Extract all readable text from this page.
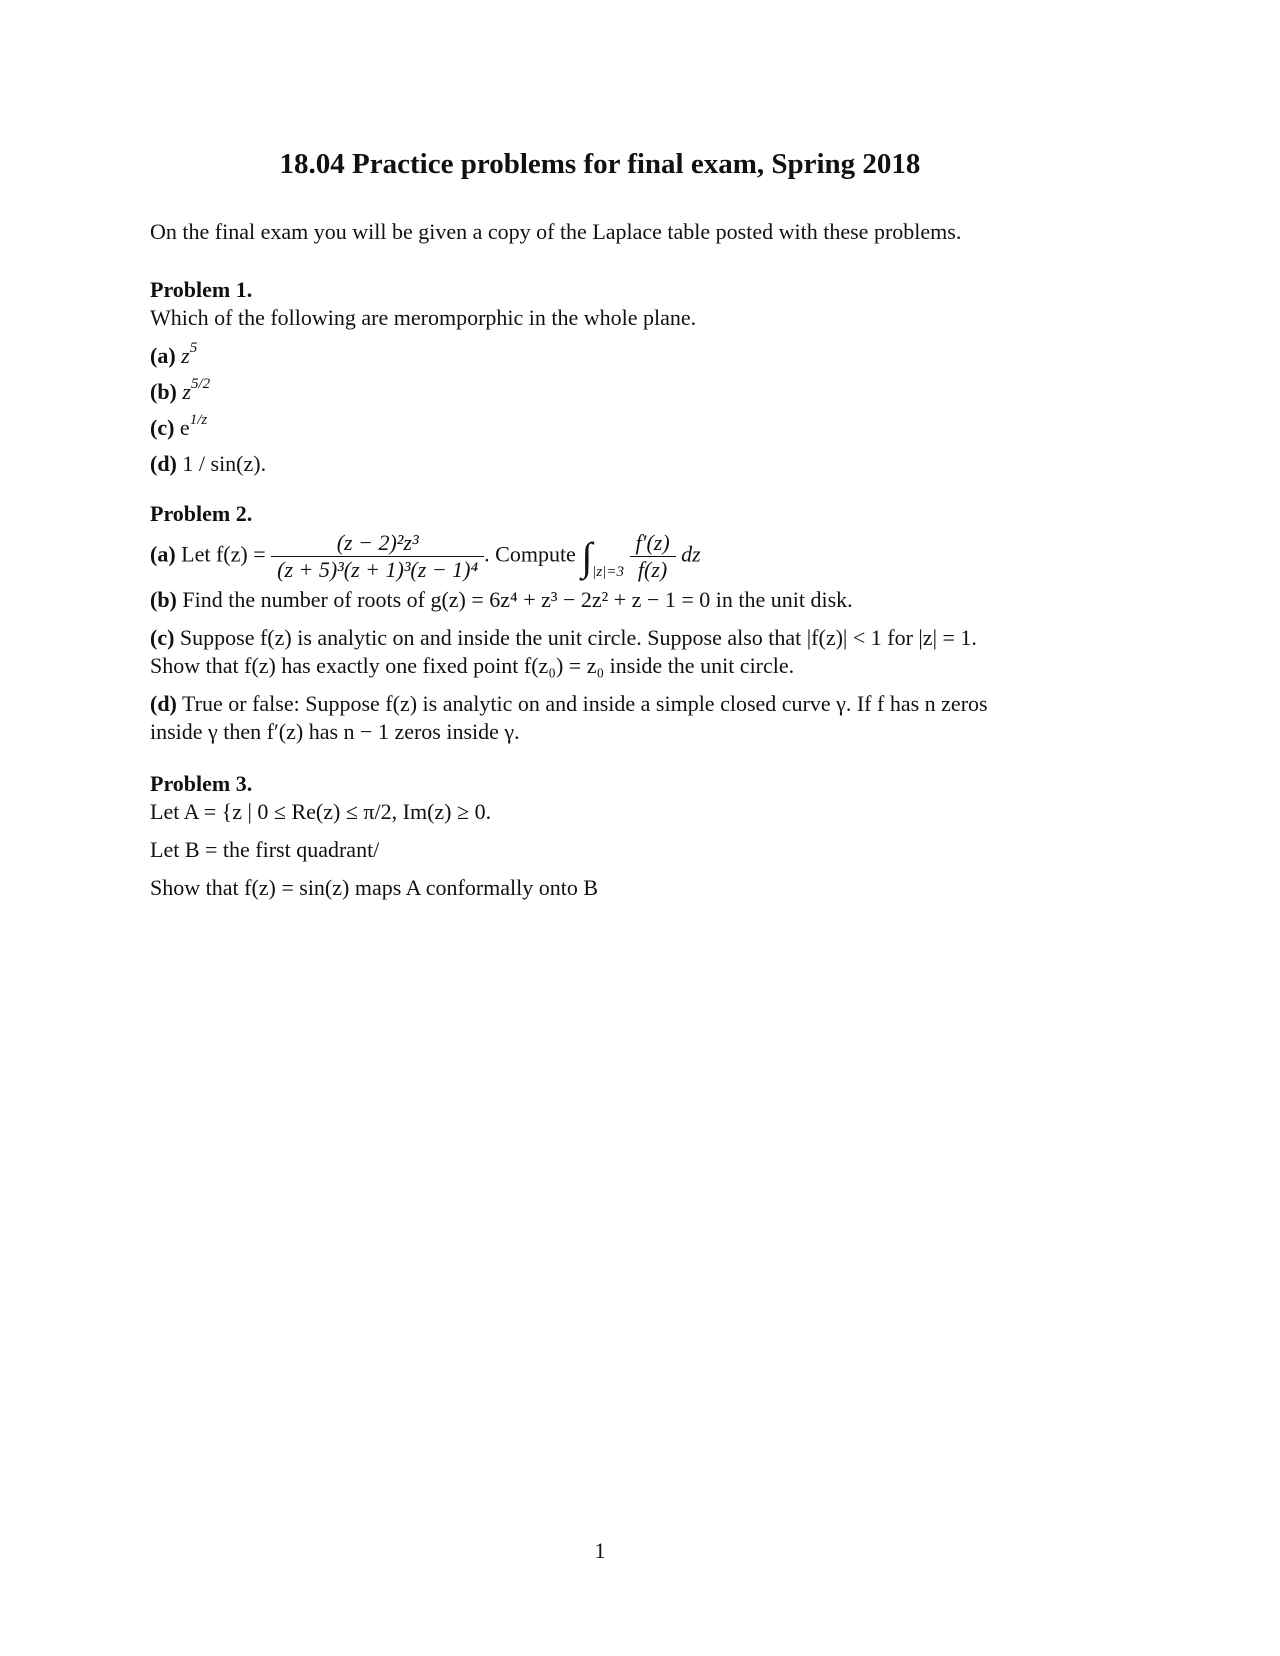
18.04 Practice problems for final exam, Spring 2018
On the final exam you will be given a copy of the Laplace table posted with these problems.
Problem 1.
Which of the following are meromporphic in the whole plane.
(a) $z^5$
(b) $z^{5/2}$
(c) $e^{1/z}$
(d) 1 / sin(z).
Problem 2.
(a) Let $f(z) = \frac{\text{(z − 2)²z³}}{\text{(z + 5)³(z + 1)³(z − 1)⁴}}$ . Compute $\int_{|z|=3} \frac{f'(z)}{f(z)}$ dz
(b) Find the number of roots of g(z) = 6z⁴ + z³ − 2z² + z − 1 = 0 in the unit disk.
(c) Suppose f(z) is analytic on and inside the unit circle. Suppose also that |f(z)| < 1 for |z| = 1.
Show that f(z) has exactly one fixed point f(z₀) = z₀ inside the unit circle.
(d) True or false: Suppose f(z) is analytic on and inside a simple closed curve γ. If f has n zeros
inside γ then f′(z) has n − 1 zeros inside γ.
Problem 3.
Let A = {z | 0 ≤ Re(z) ≤ π/2, Im(z) ≥ 0.
Let B = the first quadrant/
Show that f(z) = sin(z) maps A conformally onto B
1
